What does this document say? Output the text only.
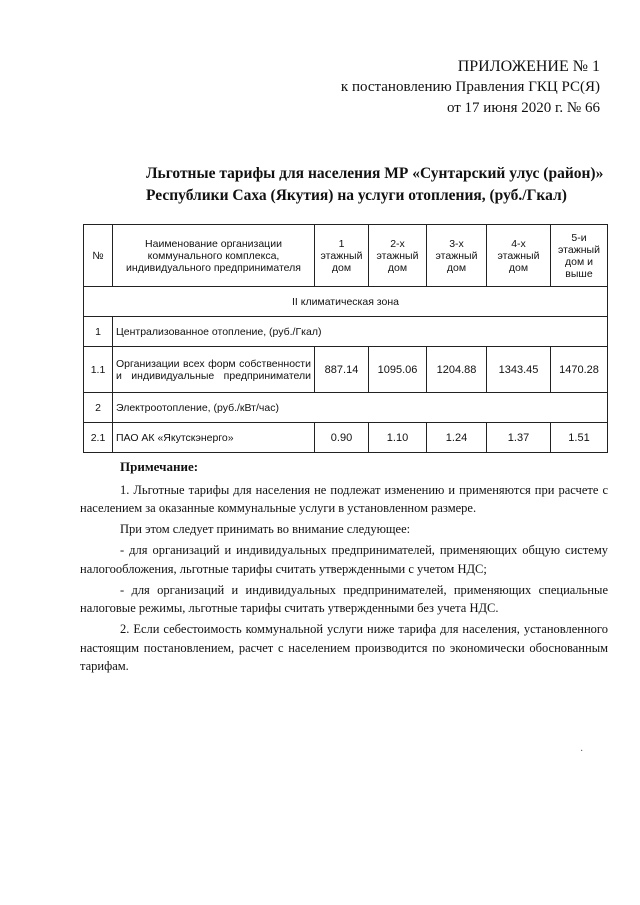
ПРИЛОЖЕНИЕ № 1
к постановлению Правления ГКЦ РС(Я)
от 17 июня 2020 г. № 66
Льготные тарифы для населения МР «Сунтарский улус (район)»
Республики Саха (Якутия) на услуги отопления, (руб./Гкал)
№	Наименование организации коммунального комплекса, индивидуального предпринимателя	1 этажный дом	2-х этажный дом	3-х этажный дом	4-х этажный дом	5-и этажный дом и выше
II климатическая зона						
1	Централизованное отопление, (руб./Гкал)					
1.1	Организации всех форм собственности и индивидуальные предприниматели	887.14	1095.06	1204.88	1343.45	1470.28
2	Электроотопление, (руб./кВт/час)					
2.1	ПАО АК «Якутскэнерго»	0.90	1.10	1.24	1.37	1.51

Примечание:

1. Льготные тарифы для населения не подлежат изменению и применяются при расчете с населением за оказанные коммунальные услуги в установленном размере.

При этом следует принимать во внимание следующее:

- для организаций и индивидуальных предпринимателей, применяющих общую систему налогообложения, льготные тарифы считать утвержденными с учетом НДС;

- для организаций и индивидуальных предпринимателей, применяющих специальные налоговые режимы, льготные тарифы считать утвержденными без учета НДС.

2. Если себестоимость коммунальной услуги ниже тарифа для населения, установленного настоящим постановлением, расчет с населением производится по экономически обоснованным тарифам.

·
